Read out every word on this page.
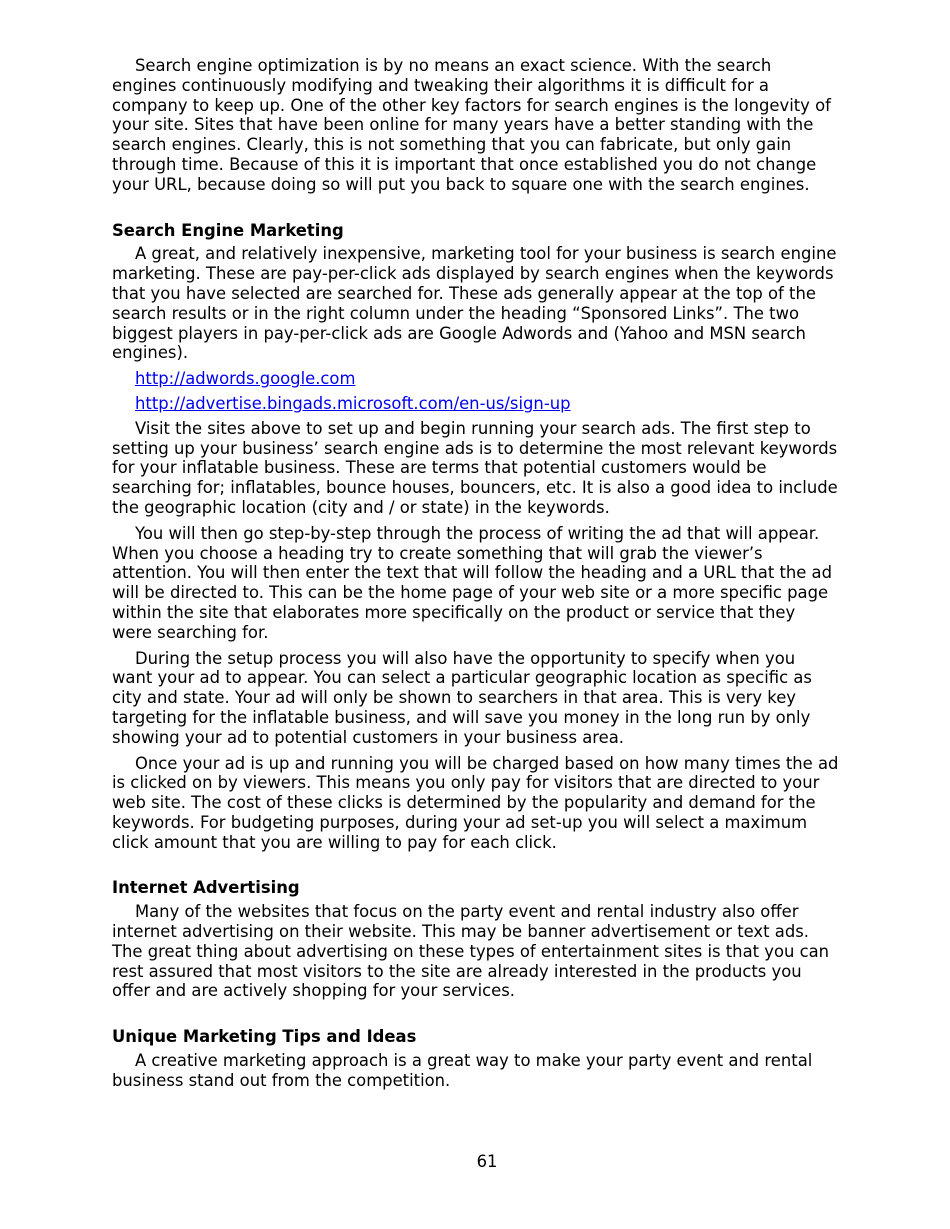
Search engine optimization is by no means an exact science. With the search engines continuously modifying and tweaking their algorithms it is difficult for a company to keep up. One of the other key factors for search engines is the longevity of your site. Sites that have been online for many years have a better standing with the search engines. Clearly, this is not something that you can fabricate, but only gain through time. Because of this it is important that once established you do not change your URL, because doing so will put you back to square one with the search engines.

Search Engine Marketing

A great, and relatively inexpensive, marketing tool for your business is search engine marketing. These are pay-per-click ads displayed by search engines when the keywords that you have selected are searched for. These ads generally appear at the top of the search results or in the right column under the heading “Sponsored Links”. The two biggest players in pay-per-click ads are Google Adwords and (Yahoo and MSN search engines).

http://adwords.google.com
http://advertise.bingads.microsoft.com/en-us/sign-up

Visit the sites above to set up and begin running your search ads. The first step to setting up your business’ search engine ads is to determine the most relevant keywords for your inflatable business. These are terms that potential customers would be searching for; inflatables, bounce houses, bouncers, etc. It is also a good idea to include the geographic location (city and / or state) in the keywords.

You will then go step-by-step through the process of writing the ad that will appear. When you choose a heading try to create something that will grab the viewer’s attention. You will then enter the text that will follow the heading and a URL that the ad will be directed to. This can be the home page of your web site or a more specific page within the site that elaborates more specifically on the product or service that they were searching for.

During the setup process you will also have the opportunity to specify when you want your ad to appear. You can select a particular geographic location as specific as city and state. Your ad will only be shown to searchers in that area. This is very key targeting for the inflatable business, and will save you money in the long run by only showing your ad to potential customers in your business area.

Once your ad is up and running you will be charged based on how many times the ad is clicked on by viewers. This means you only pay for visitors that are directed to your web site. The cost of these clicks is determined by the popularity and demand for the keywords. For budgeting purposes, during your ad set-up you will select a maximum click amount that you are willing to pay for each click.

Internet Advertising

Many of the websites that focus on the party event and rental industry also offer internet advertising on their website. This may be banner advertisement or text ads. The great thing about advertising on these types of entertainment sites is that you can rest assured that most visitors to the site are already interested in the products you offer and are actively shopping for your services.

Unique Marketing Tips and Ideas

A creative marketing approach is a great way to make your party event and rental business stand out from the competition.

61
